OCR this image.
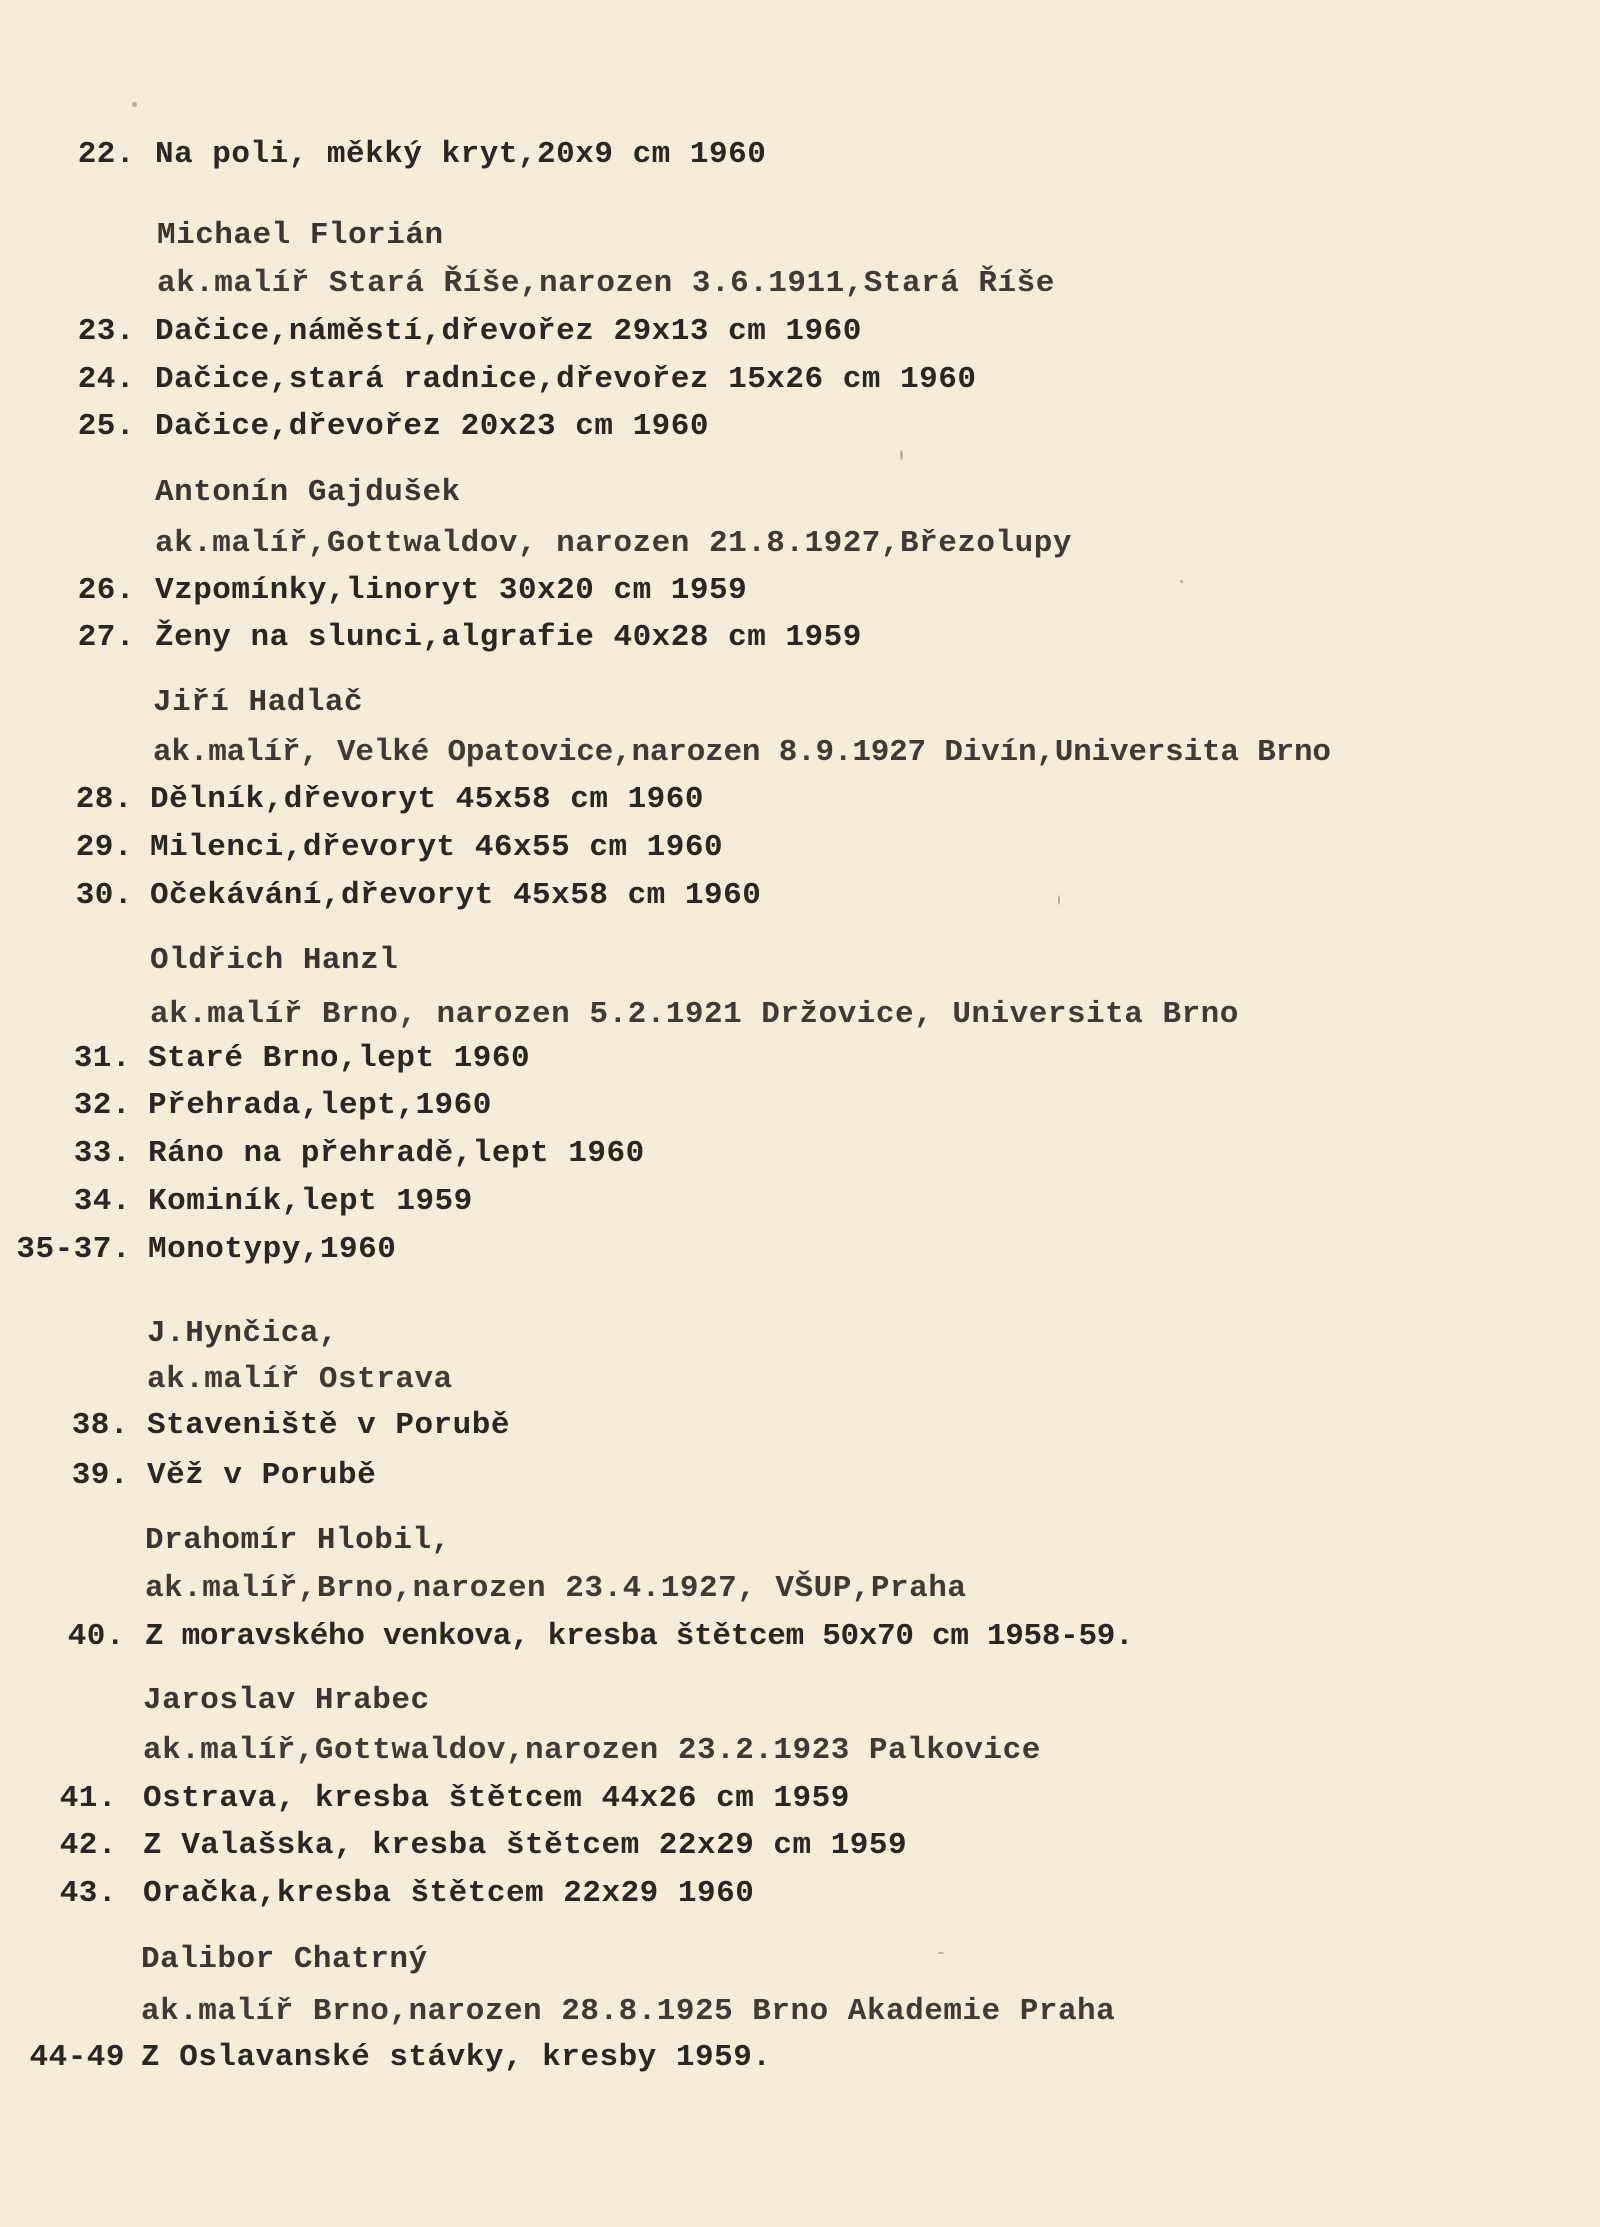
22. Na poli, měkký kryt,20x9 cm 1960
Michael Florián
ak.malíř Stará Říše,narozen 3.6.1911,Stará Říše
23. Dačice,náměstí,dřevořez 29x13 cm 1960
24. Dačice,stará radnice,dřevořez 15x26 cm 1960
25. Dačice,dřevořez 20x23 cm 1960
Antonín Gajdušek
ak.malíř,Gottwaldov, narozen 21.8.1927,Březolupy
26. Vzpomínky,linoryt 30x20 cm 1959
27. Ženy na slunci,algrafie 40x28 cm 1959
Jiří Hadlač
ak.malíř, Velké Opatovice,narozen 8.9.1927 Divín,Universita Brno
28. Dělník,dřevoryt 45x58 cm 1960
29. Milenci,dřevoryt 46x55 cm 1960
30. Očekávání,dřevoryt 45x58 cm 1960
Oldřich Hanzl
ak.malíř Brno, narozen 5.2.1921 Držovice, Universita Brno
31. Staré Brno,lept 1960
32. Přehrada,lept,1960
33. Ráno na přehradě,lept 1960
34. Kominík,lept 1959
35-37. Monotypy,1960
J.Hynčica,
ak.malíř Ostrava
38. Staveniště v Porubě
39. Věž v Porubě
Drahomír Hlobil,
ak.malíř,Brno,narozen 23.4.1927, VŠUP,Praha
40. Z moravského venkova, kresba štětcem 50x70 cm 1958-59.
Jaroslav Hrabec
ak.malíř,Gottwaldov,narozen 23.2.1923 Palkovice
41. Ostrava, kresba štětcem 44x26 cm 1959
42. Z Valašska, kresba štětcem 22x29 cm 1959
43. Oračka,kresba štětcem 22x29 1960
Dalibor Chatrný
ak.malíř Brno,narozen 28.8.1925 Brno Akademie Praha
44-49 Z Oslavanské stávky, kresby 1959.
